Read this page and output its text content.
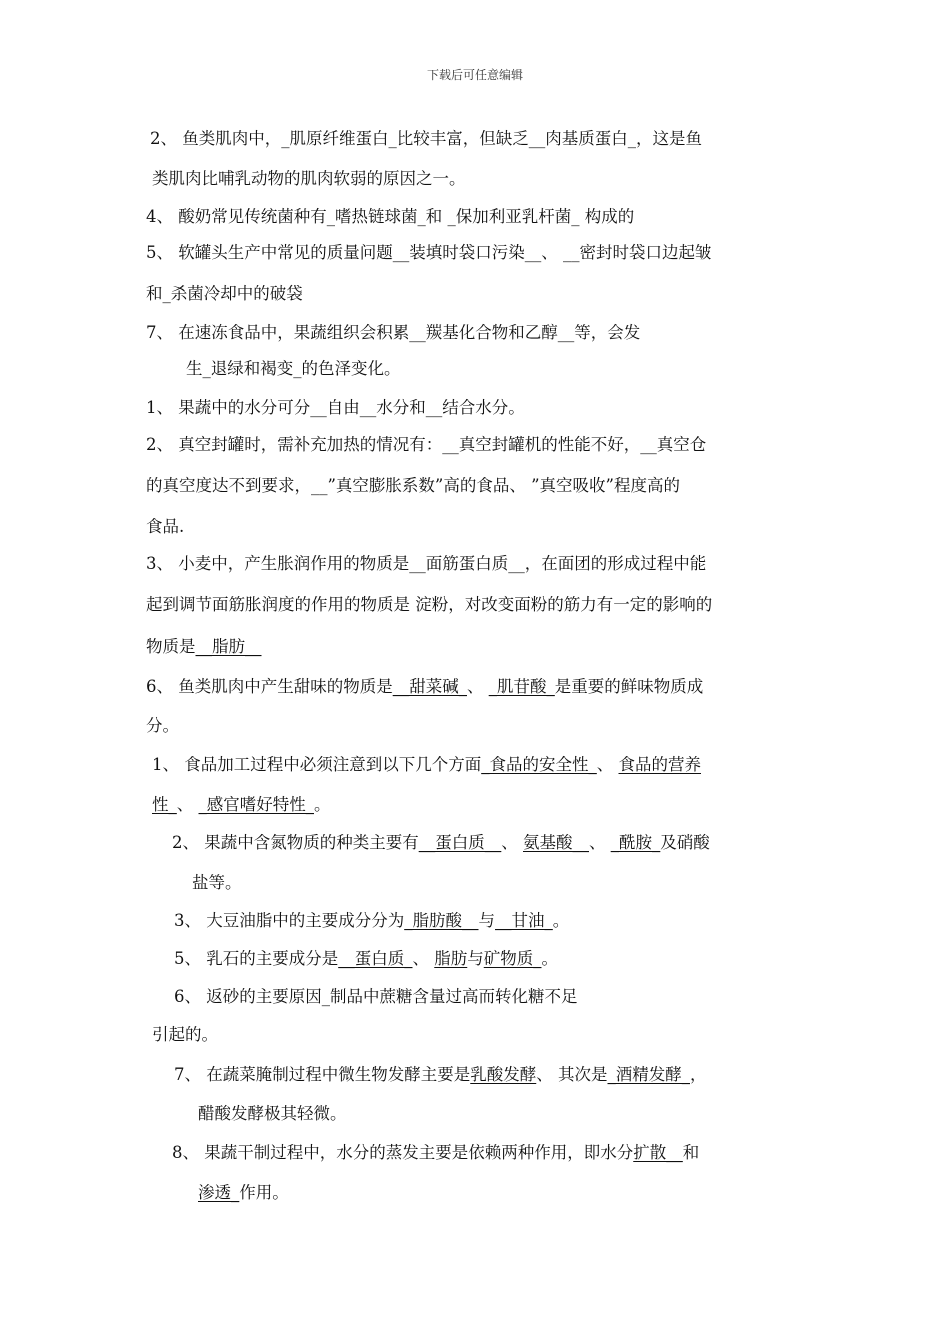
下载后可任意编辑
2、 鱼类肌肉中，_肌原纤维蛋白_比较丰富，但缺乏__肉基质蛋白_，这是鱼
类肌肉比哺乳动物的肌肉软弱的原因之一。
4、 酸奶常见传统菌种有_嗜热链球菌_和 _保加利亚乳杆菌_ 构成的
5、 软罐头生产中常见的质量问题__装填时袋口污染__、 __密封时袋口边起皱
和_杀菌冷却中的破袋
7、 在速冻食品中，果蔬组织会积累__羰基化合物和乙醇__等，会发
生_退绿和褐变_的色泽变化。
1、 果蔬中的水分可分__自由__水分和__结合水分。
2、 真空封罐时，需补充加热的情况有：__真空封罐机的性能不好，__真空仓
的真空度达不到要求，__”真空膨胀系数”高的食品、 ”真空吸收”程度高的
食品.
3、 小麦中，产生胀润作用的物质是__面筋蛋白质__，在面团的形成过程中能
起到调节面筋胀润度的作用的物质是 淀粉，对改变面粉的筋力有一定的影响的
物质是__脂肪__
6、 鱼类肌肉中产生甜味的物质是__甜菜碱_、 _肌苷酸_是重要的鲜味物质成
分。
1、 食品加工过程中必须注意到以下几个方面_食品的安全性_、 食品的营养
性_、 _感官嗜好特性_。
2、 果蔬中含氮物质的种类主要有__蛋白质__、 氨基酸__、 _酰胺_及硝酸
盐等。
3、 大豆油脂中的主要成分分为_脂肪酸__与__甘油_。
5、 乳石的主要成分是__蛋白质_、 脂肪与矿物质_。
6、 返砂的主要原因_制品中蔗糖含量过高而转化糖不足
引起的。
7、 在蔬菜腌制过程中微生物发酵主要是乳酸发酵、 其次是_酒精发酵_，
醋酸发酵极其轻微。
8、 果蔬干制过程中，水分的蒸发主要是依赖两种作用，即水分扩散__和
渗透_作用。
